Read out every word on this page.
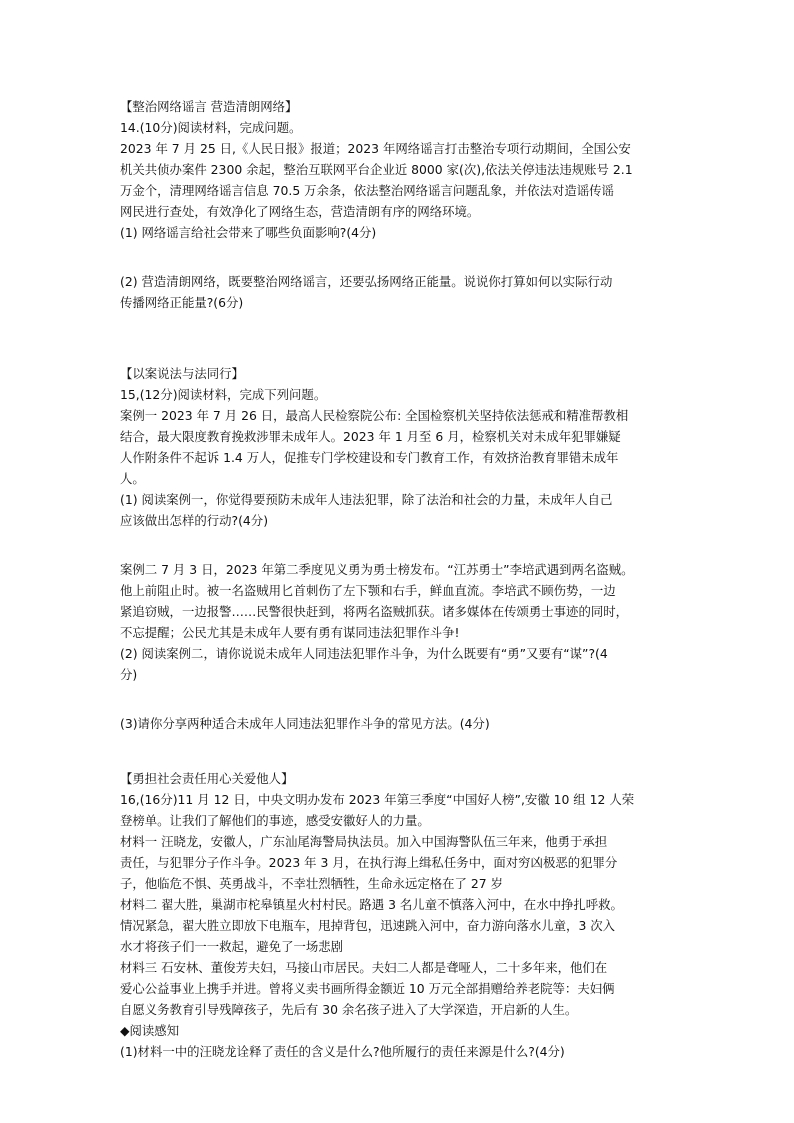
【整治网络谣言 营造清朗网络】
14.(10分)阅读材料，完成问题。
2023 年 7 月 25 日,《人民日报》报道；2023 年网络谣言打击整治专项行动期间，全国公安
机关共侦办案件 2300 余起，整治互联网平台企业近 8000 家(次),依法关停违法违规账号 2.1
万金个，清理网络谣言信息 70.5 万余条，依法整治网络谣言问题乱象，并依法对造谣传谣
网民进行查处，有效净化了网络生态，营造清朗有序的网络环境。
(1) 网络谣言给社会带来了哪些负面影响?(4分)
(2) 营造清朗网络，既要整治网络谣言，还要弘扬网络正能量。说说你打算如何以实际行动
传播网络正能量?(6分)
【以案说法与法同行】
15,(12分)阅读材料，完成下列问题。
案例一 2023 年 7 月 26 日，最高人民检察院公布: 全国检察机关坚持依法惩戒和精准帮教相
结合，最大限度教育挽救涉罪未成年人。2023 年 1 月至 6 月，检察机关对未成年犯罪嫌疑
人作附条件不起诉 1.4 万人，促推专门学校建设和专门教育工作，有效挤治教育罪错未成年
人。
(1) 阅读案例一，你觉得要预防未成年人违法犯罪，除了法治和社会的力量，未成年人自己
应该做出怎样的行动?(4分)
案例二 7 月 3 日，2023 年第二季度见义勇为勇士榜发布。“江苏勇士”李培武遇到两名盗贼。
他上前阻止时。被一名盗贼用匕首刺伤了左下颚和右手，鲜血直流。李培武不顾伤势，一边
紧追窃贼，一边报警……民警很快赶到，将两名盗贼抓获。诸多媒体在传颂勇士事迹的同时，
不忘提醒；公民尤其是未成年人要有勇有谋同违法犯罪作斗争!
(2) 阅读案例二，请你说说未成年人同违法犯罪作斗争，为什么既要有“勇”又要有“谋”?(4
分)
(3)请你分享两种适合未成年人同违法犯罪作斗争的常见方法。(4分)
【勇担社会责任用心关爱他人】
16,(16分)11 月 12 日，中央文明办发布 2023 年第三季度“中国好人榜”,安徽 10 组 12 人荣
登榜单。让我们了解他们的事迹，感受安徽好人的力量。
材料一 汪晓龙，安徽人，广东汕尾海警局执法员。加入中国海警队伍三年来，他勇于承担
责任，与犯罪分子作斗争。2023 年 3 月，在执行海上缉私任务中，面对穷凶极恶的犯罪分
子，他临危不惧、英勇战斗，不幸壮烈牺牲，生命永远定格在了 27 岁
材料二 翟大胜，巢湖市柁皋镇星火村村民。路遇 3 名儿童不慎落入河中，在水中挣扎呼救。
情况紧急，翟大胜立即放下电瓶车，甩掉背包，迅速跳入河中，奋力游向落水儿童，3 次入
水才将孩子们一一救起，避免了一场悲剧
材料三 石安林、董俊芳夫妇，马接山市居民。夫妇二人都是聋哑人，二十多年来，他们在
爱心公益事业上携手并进。曾将义卖书画所得金额近 10 万元全部捐赠给养老院等：夫妇俩
自愿义务教育引导残障孩子，先后有 30 余名孩子进入了大学深造，开启新的人生。
◆阅读感知
(1)材料一中的汪晓龙诠释了责任的含义是什么?他所履行的责任来源是什么?(4分)
